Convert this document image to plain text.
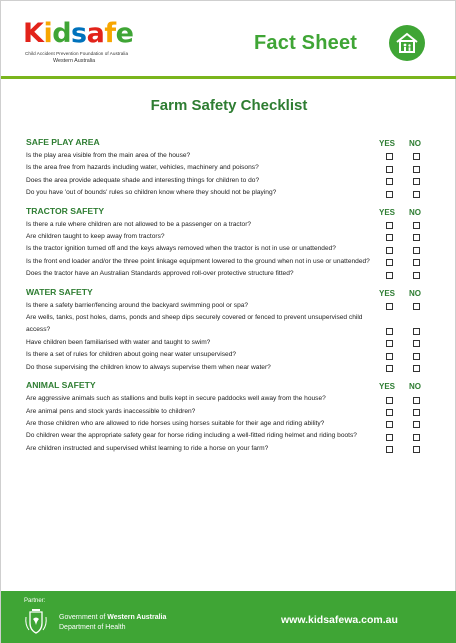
Kidsafe
Child Accident Prevention Foundation of Australia
Western Australia
Fact Sheet
Farm Safety Checklist
SAFE PLAY AREA	YES NO
Is the play area visible from the main area of the house?
Is the area free from hazards including water, vehicles, machinery and poisons?
Does the area provide adequate shade and interesting things for children to do?
Do you have 'out of bounds' rules so children know where they should not be playing?
TRACTOR SAFETY	YES NO
Is there a rule where children are not allowed to be a passenger on a tractor?
Are children taught to keep away from tractors?
Is the tractor ignition turned off and the keys always removed when the tractor is not in use or unattended?
Is the front end loader and/or the three point linkage equipment lowered to the ground when not in use or unattended?
Does the tractor have an Australian Standards approved roll-over protective structure fitted?
WATER SAFETY	YES NO
Is there a safety barrier/fencing around the backyard swimming pool or spa?
Are wells, tanks, post holes, dams, ponds and sheep dips securely covered or fenced to prevent unsupervised child access?
Have children been familiarised with water and taught to swim?
Is there a set of rules for children about going near water unsupervised?
Do those supervising the children know to always supervise them when near water?
ANIMAL SAFETY	YES NO
Are aggressive animals such as stallions and bulls kept in secure paddocks well away from the house?
Are animal pens and stock yards inaccessible to children?
Are those children who are allowed to ride horses using horses suitable for their age and riding ability?
Do children wear the appropriate safety gear for horse riding including a well-fitted riding helmet and riding boots?
Are children instructed and supervised whilst learning to ride a horse on your farm?
Partner:
Government of Western Australia
Department of Health
www.kidsafewa.com.au
